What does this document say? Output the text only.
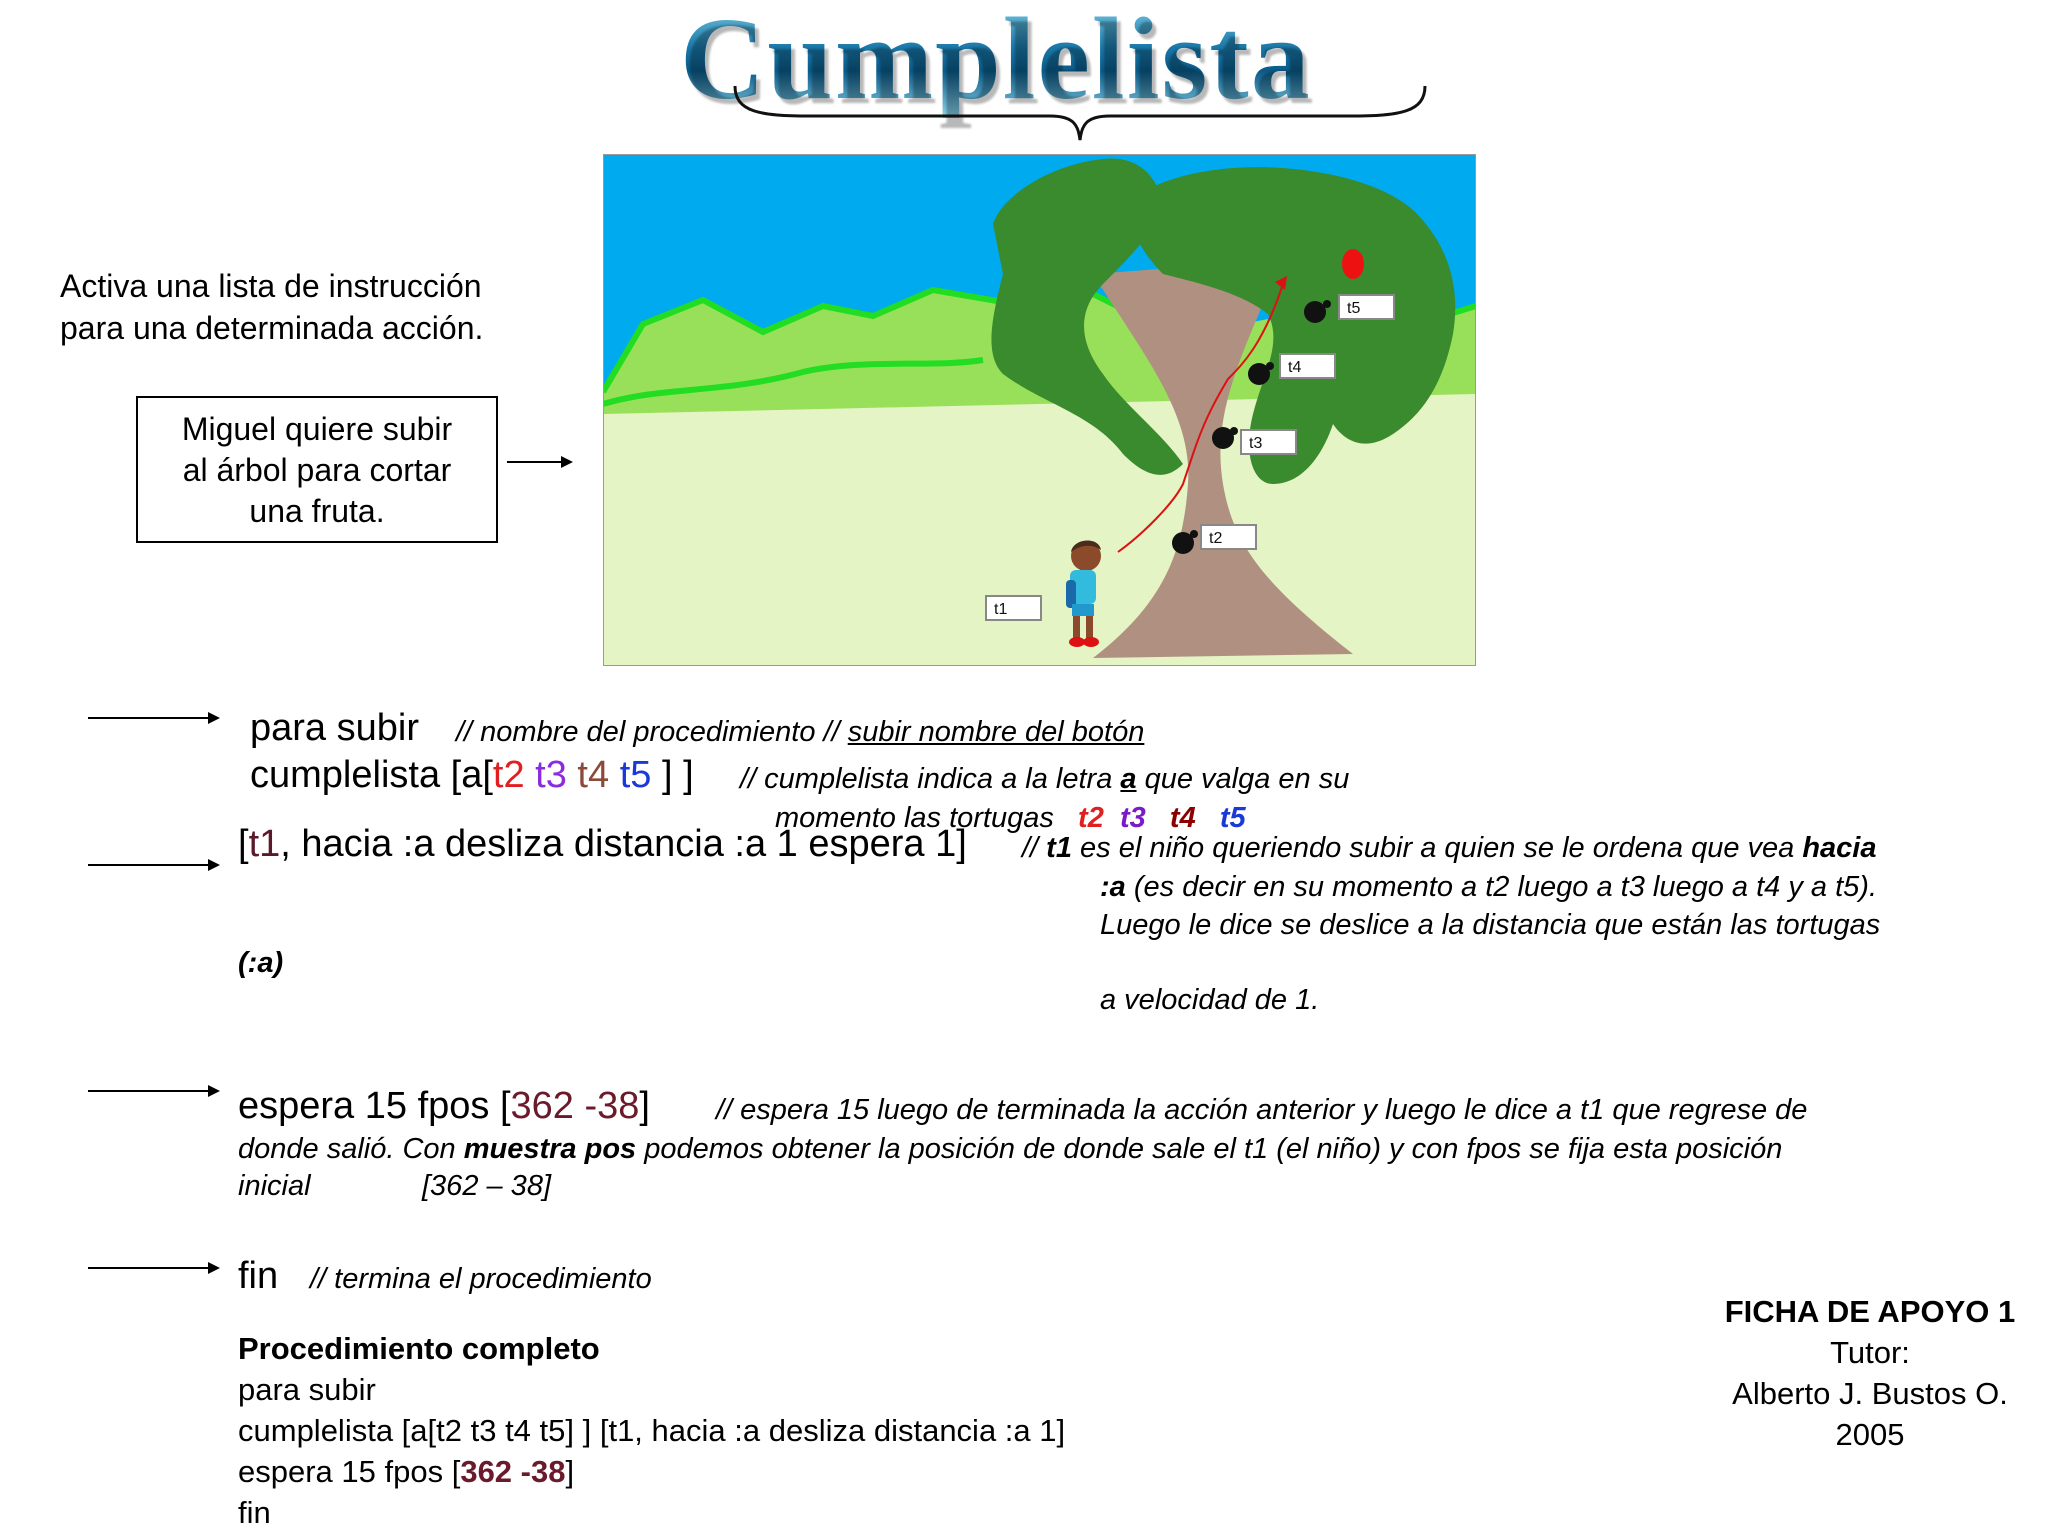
Cumplelista
Activa una lista de instrucción
para una determinada acción.
Miguel quiere subir
al árbol para cortar
una fruta.
t5
t4
t3
t2
t1
para subir // nombre del procedimiento // subir nombre del botón
cumplelista [a[t2 t3 t4 t5 ] ] // cumplelista indica a la letra a que valga en su
momento las tortugas t2 t3 t4 t5
[t1, hacia :a desliza distancia :a 1 espera 1] // t1 es el niño queriendo subir a quien se le ordena que vea hacia
:a (es decir en su momento a t2 luego a t3 luego a t4 y a t5).
Luego le dice se deslice a la distancia que están las tortugas
(:a)
a velocidad de 1.
espera 15 fpos [362 -38] // espera 15 luego de terminada la acción anterior y luego le dice a t1 que regrese de
donde salió. Con muestra pos podemos obtener la posición de donde sale el t1 (el niño) y con fpos se fija esta posición
inicial	[362 – 38]
fin // termina el procedimiento
Procedimiento completo
para subir
cumplelista [a[t2 t3 t4 t5] ] [t1, hacia :a desliza distancia :a 1]
espera 15 fpos [362 -38]
fin
FICHA DE APOYO 1
Tutor:
Alberto J. Bustos O.
2005
